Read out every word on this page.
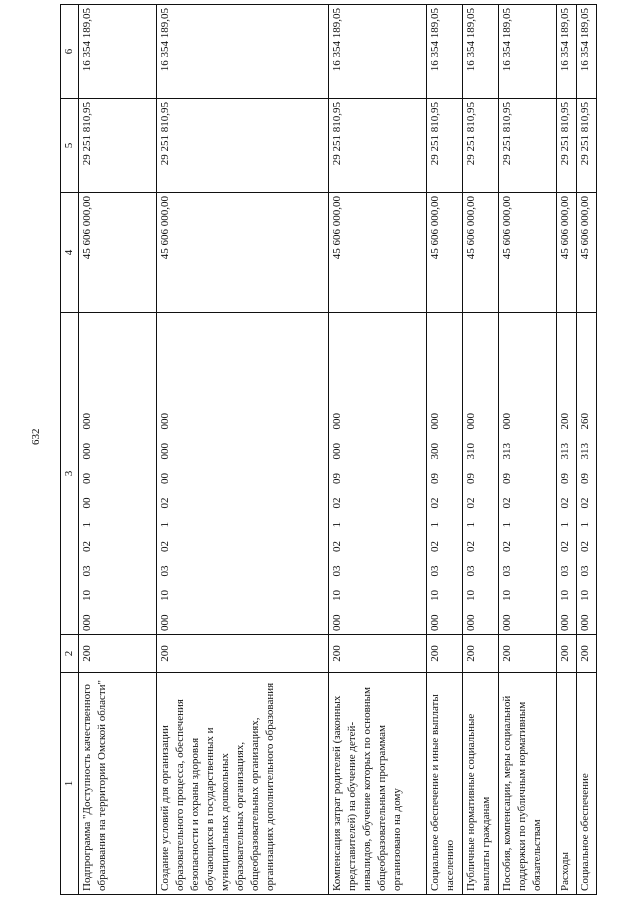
632
1	2	3	4	5	6
Подпрограмма "Доступность качественного образования на территории Омской области"	200	000  10  03  02  1  00  00  000  000	45 606 000,00	29 251 810,95	16 354 189,05
Создание условий для организации образовательного процесса, обеспечения безопасности и охраны здоровья обучающихся в государственных и муниципальных дошкольных образовательных организациях, общеобразовательных организациях, организациях дополнительного образования	200	000  10  03  02  1  02  00  000  000	45 606 000,00	29 251 810,95	16 354 189,05
Компенсация затрат родителей (законных представителей) на обучение детей-инвалидов, обучение которых по основным общеобразовательным программам организовано на дому	200	000  10  03  02  1  02  09  000  000	45 606 000,00	29 251 810,95	16 354 189,05
Социальное обеспечение и иные выплаты населению	200	000  10  03  02  1  02  09  300  000	45 606 000,00	29 251 810,95	16 354 189,05
Публичные нормативные социальные выплаты гражданам	200	000  10  03  02  1  02  09  310  000	45 606 000,00	29 251 810,95	16 354 189,05
Пособия, компенсации, меры социальной поддержки по публичным нормативным обязательствам	200	000  10  03  02  1  02  09  313  000	45 606 000,00	29 251 810,95	16 354 189,05
Расходы	200	000  10  03  02  1  02  09  313  200	45 606 000,00	29 251 810,95	16 354 189,05
Социальное обеспечение	200	000  10  03  02  1  02  09  313  260	45 606 000,00	29 251 810,95	16 354 189,05
